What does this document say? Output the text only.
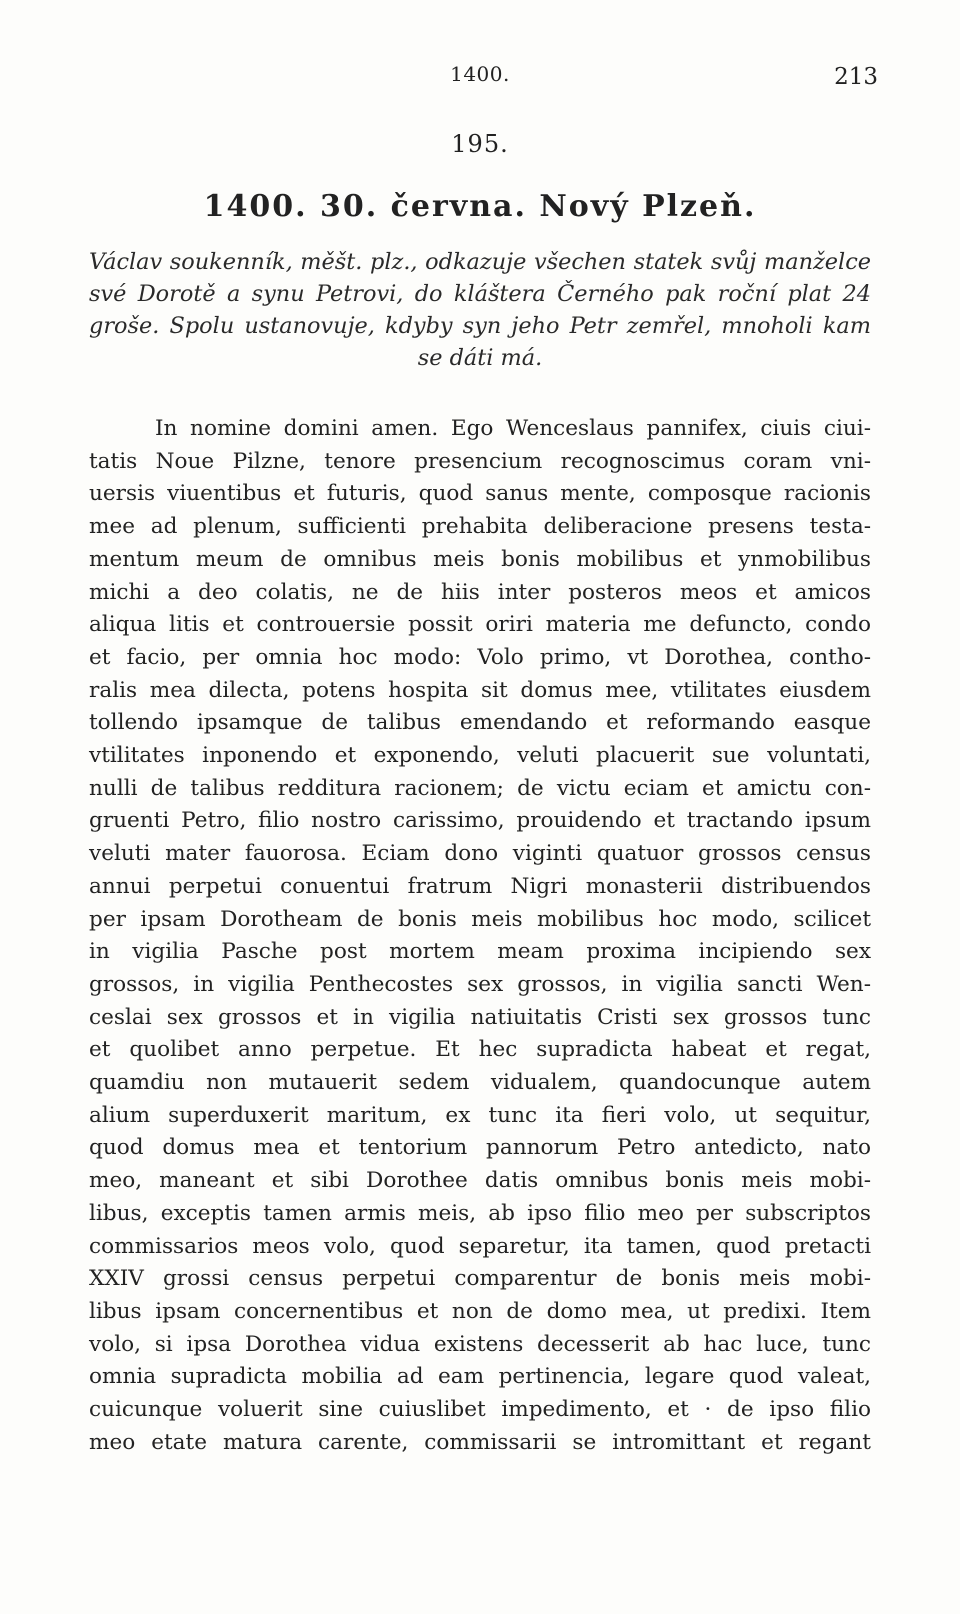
1400.	213
195.
1400. 30. června. Nový Plzeň.
Václav soukenník, měšt. plz., odkazuje všechen statek svůj manželce své Dorotě a synu Petrovi, do kláštera Černého pak roční plat 24 groše. Spolu ustanovuje, kdyby syn jeho Petr zemřel, mnoholi kam se dáti má.
In nomine domini amen. Ego Wenceslaus pannifex, ciuis ciui-
tatis Noue Pilzne, tenore presencium recognoscimus coram vni-
uersis viuentibus et futuris, quod sanus mente, composque racionis
mee ad plenum, sufficienti prehabita deliberacione presens testa-
mentum meum de omnibus meis bonis mobilibus et ynmobilibus
michi a deo colatis, ne de hiis inter posteros meos et amicos
aliqua litis et controuersie possit oriri materia me defuncto, condo
et facio, per omnia hoc modo: Volo primo, vt Dorothea, contho-
ralis mea dilecta, potens hospita sit domus mee, vtilitates eiusdem
tollendo ipsamque de talibus emendando et reformando easque
vtilitates inponendo et exponendo, veluti placuerit sue voluntati,
nulli de talibus redditura racionem; de victu eciam et amictu con-
gruenti Petro, filio nostro carissimo, prouidendo et tractando ipsum
veluti mater fauorosa. Eciam dono viginti quatuor grossos census
annui perpetui conuentui fratrum Nigri monasterii distribuendos
per ipsam Dorotheam de bonis meis mobilibus hoc modo, scilicet
in vigilia Pasche post mortem meam proxima incipiendo sex
grossos, in vigilia Penthecostes sex grossos, in vigilia sancti Wen-
ceslai sex grossos et in vigilia natiuitatis Cristi sex grossos tunc
et quolibet anno perpetue. Et hec supradicta habeat et regat,
quamdiu non mutauerit sedem vidualem, quandocunque autem
alium superduxerit maritum, ex tunc ita fieri volo, ut sequitur,
quod domus mea et tentorium pannorum Petro antedicto, nato
meo, maneant et sibi Dorothee datis omnibus bonis meis mobi-
libus, exceptis tamen armis meis, ab ipso filio meo per subscriptos
commissarios meos volo, quod separetur, ita tamen, quod pretacti
XXIV grossi census perpetui comparentur de bonis meis mobi-
libus ipsam concernentibus et non de domo mea, ut predixi. Item
volo, si ipsa Dorothea vidua existens decesserit ab hac luce, tunc
omnia supradicta mobilia ad eam pertinencia, legare quod valeat,
cuicunque voluerit sine cuiuslibet impedimento, et · de ipso filio
meo etate matura carente, commissarii se intromittant et regant
